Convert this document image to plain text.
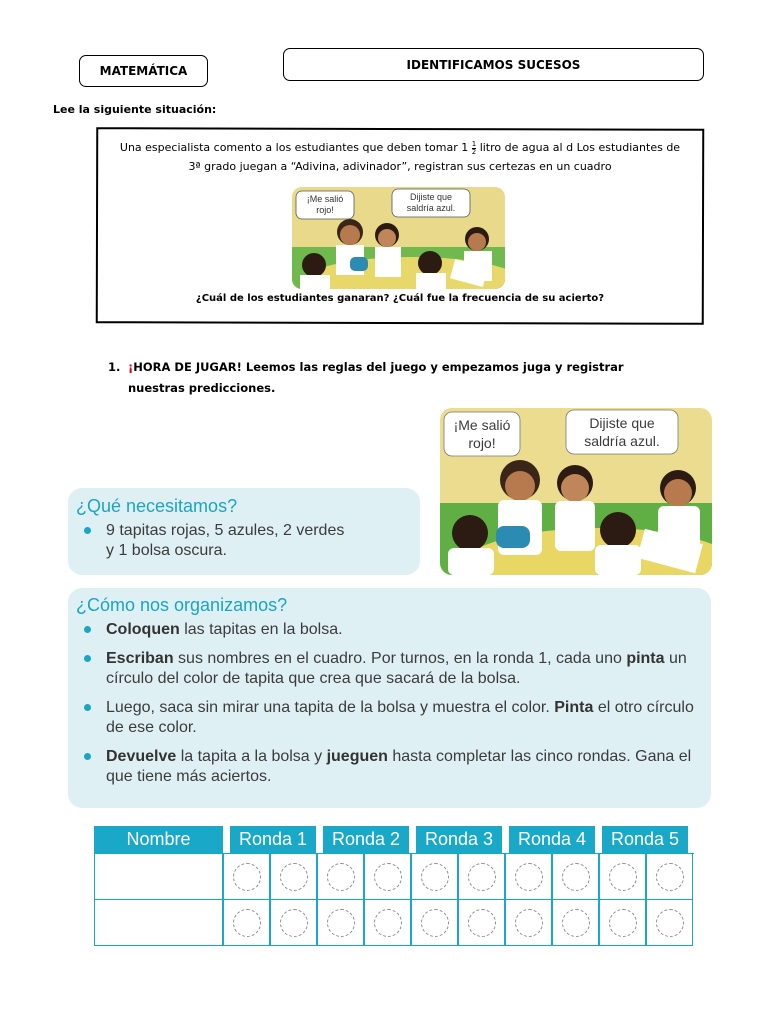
MATEMÁTICA	IDENTIFICAMOS SUCESOS
Lee la siguiente situación:
Una especialista comento a los estudiantes que deben tomar $1 \frac{1}{2}$ litro de agua al d Los estudiantes de
3ª grado juegan a “Adivina, adivinador”, registran sus certezas en un cuadro
¡Me salió
rojo!
Dijiste que
saldría azul.
¿Cuál de los estudiantes ganaran? ¿Cuál fue la frecuencia de su acierto?
1. ¡HORA DE JUGAR! Leemos las reglas del juego y empezamos juga y registrar
nuestras predicciones.
¡Me salió
rojo!
Dijiste que
saldría azul.
¿Qué necesitamos?
9 tapitas rojas, 5 azules, 2 verdes
y 1 bolsa oscura.
¿Cómo nos organizamos?
Coloquen las tapitas en la bolsa.
Escriban sus nombres en el cuadro. Por turnos, en la ronda 1, cada uno pinta un círculo del color de tapita que crea que sacará de la bolsa.
Luego, saca sin mirar una tapita de la bolsa y muestra el color. Pinta el otro círculo de ese color.
Devuelve la tapita a la bolsa y jueguen hasta completar las cinco rondas. Gana el que tiene más aciertos.
Nombre	Ronda 1	Ronda 2	Ronda 3	Ronda 4	Ronda 5
